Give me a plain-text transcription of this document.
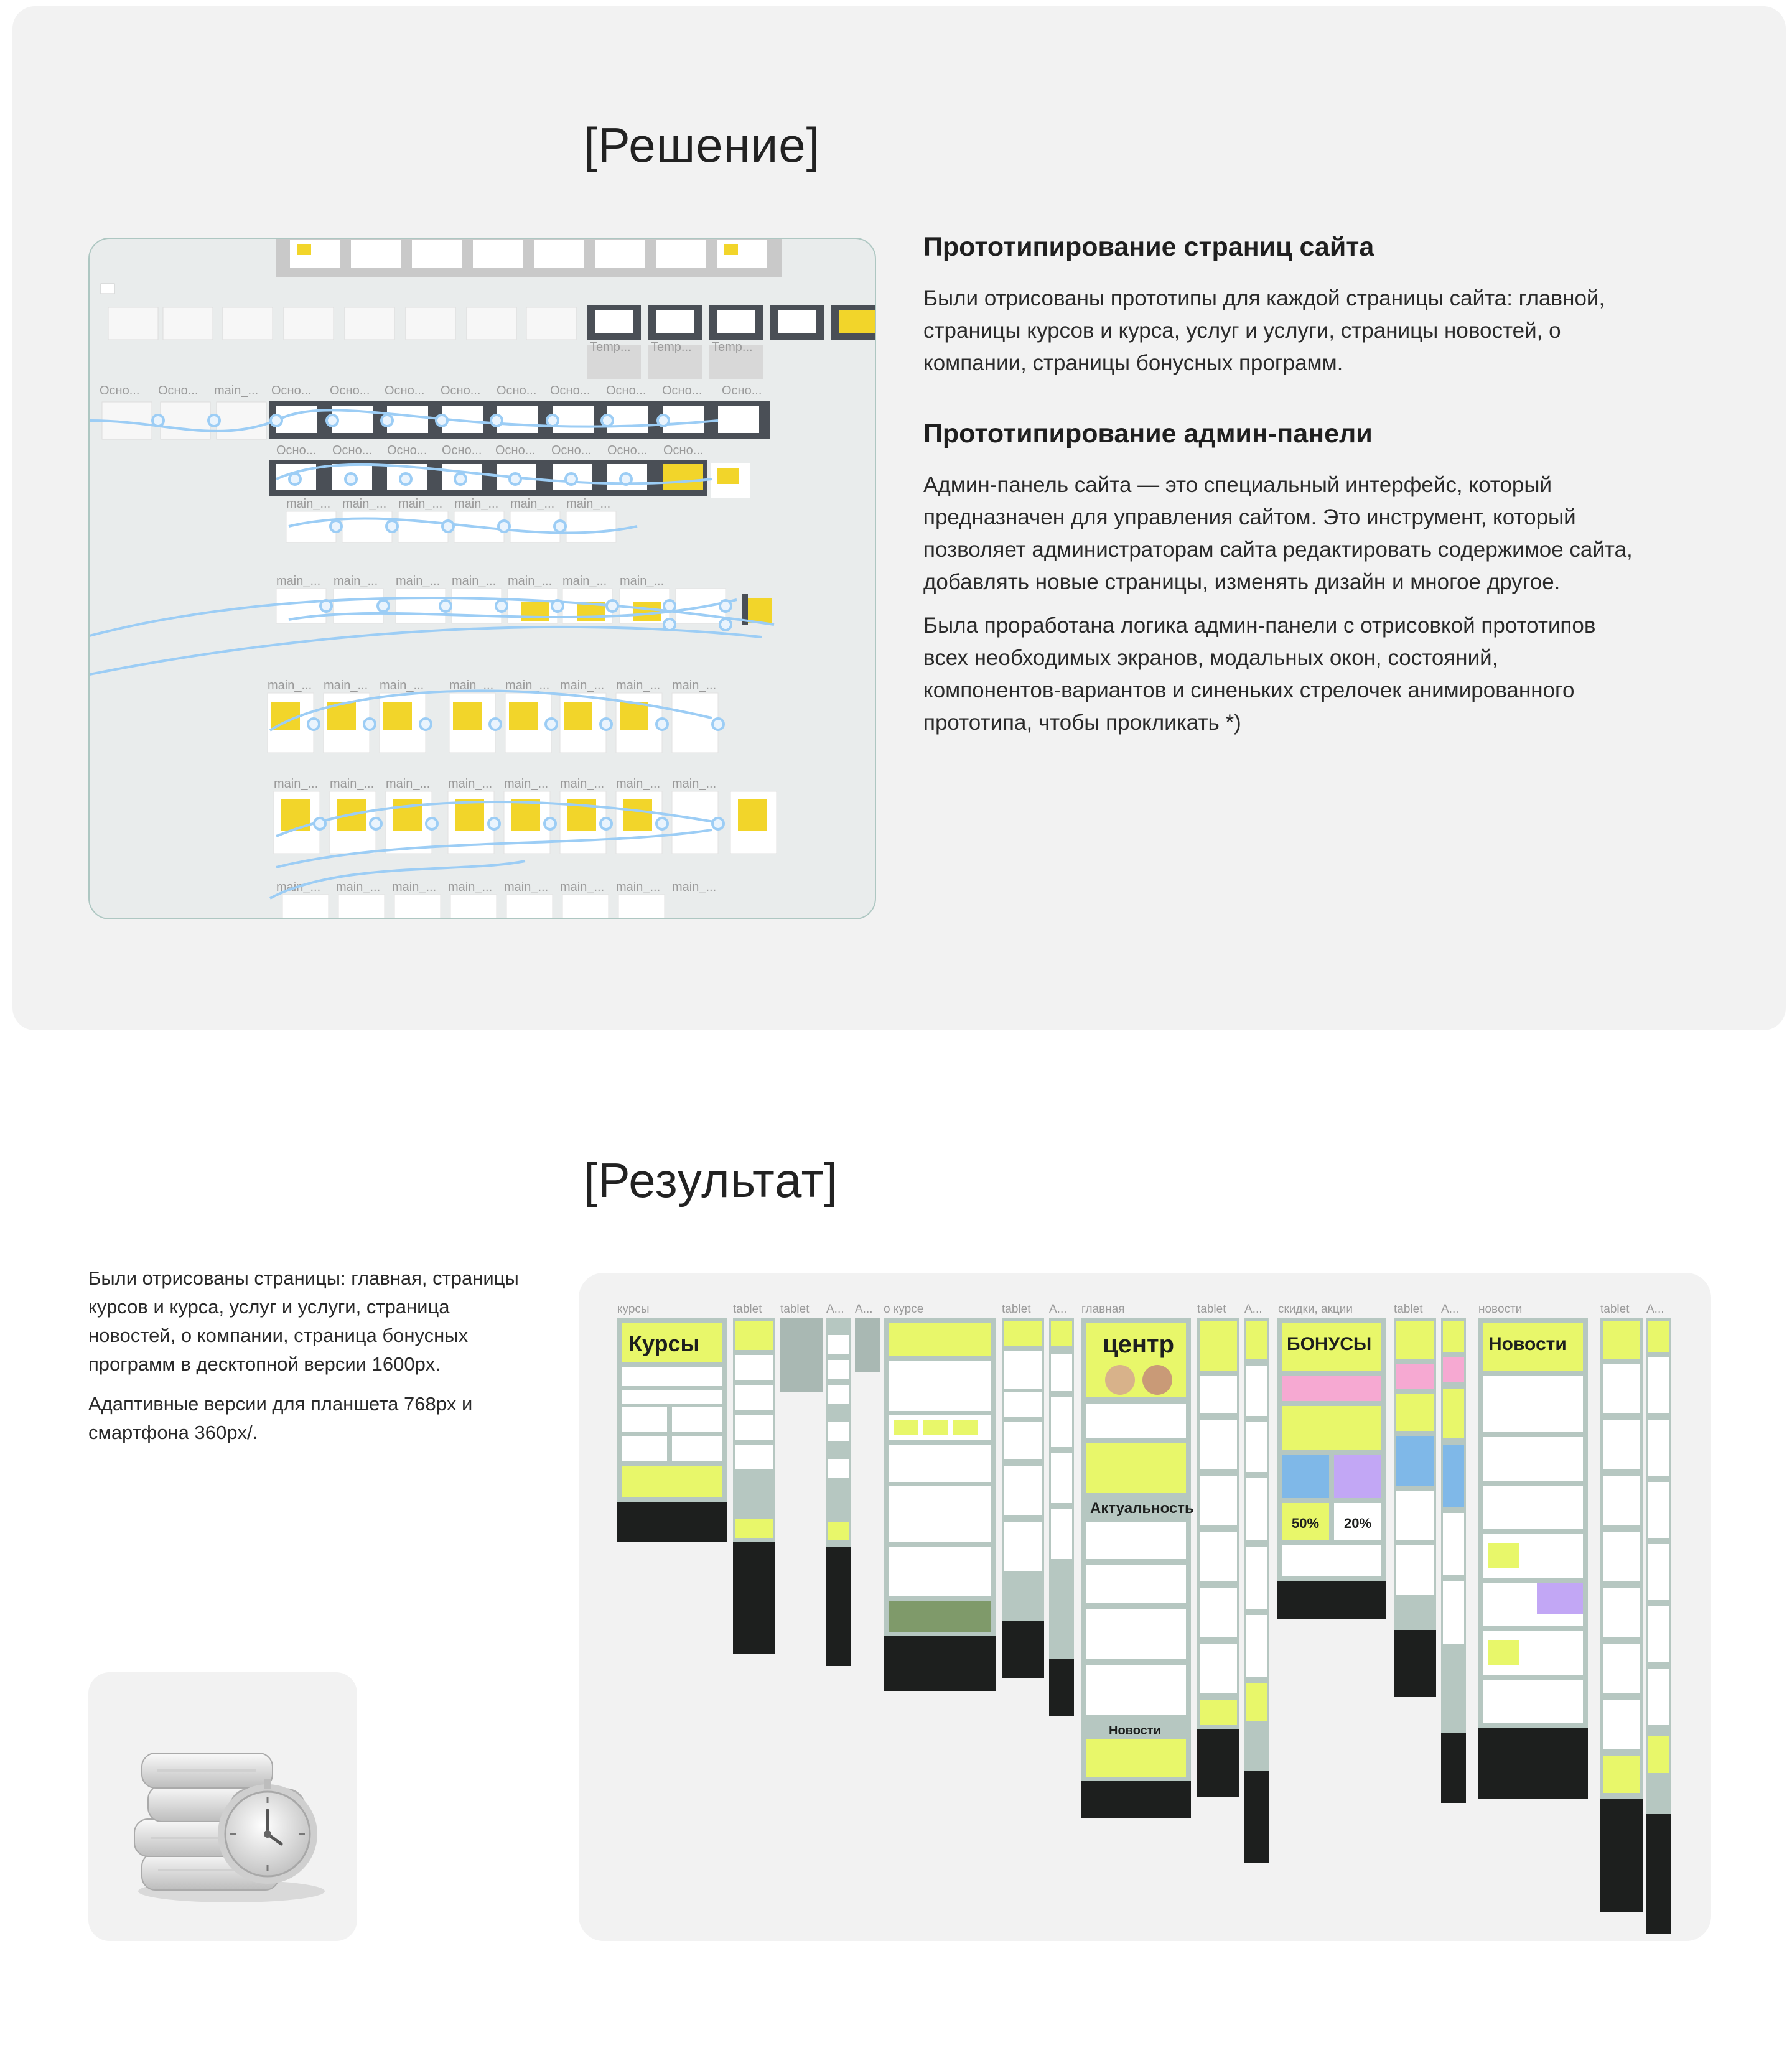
[Решение]
Temp... Temp... Temp...
Осно... Осно... main_... Осно... Осно... Осно... Осно... Осно... Осно... Осно... Осно... Осно...
Осно... Осно... Осно... Осно... Осно... Осно... Осно... Осно...
main_... main_... main_... main_... main_... main_...
main_... main_... main_... main_... main_... main_... main_...
main_... main_... main_... main_... main_... main_... main_... main_...
main_... main_... main_... main_... main_... main_... main_... main_...
main_... main_... main_... main_... main_... main_... main_... main_...
Прототипирование страниц сайта

Были отрисованы прототипы для каждой страницы сайта: главной, страницы курсов и курса, услуг и услуги, страницы новостей, о компании, страницы бонусных программ.

Прототипирование админ-панели

Админ-панель сайта — это специальный интерфейс, который предназначен для управления сайтом. Это инструмент, который позволяет администраторам сайта редактировать содержимое сайта, добавлять новые страницы, изменять дизайн и многое другое.

Была проработана логика админ-панели с отрисовкой прототипов всех необходимых экранов, модальных окон, состояний, компонентов-вариантов и синеньких стрелочек анимированного прототипа, чтобы прокликать *)

[Результат]

Были отрисованы страницы: главная, страницы курсов и курса, услуг и услуги, страница новостей, о компании, страница бонусных программ в десктопной версии 1600px.

Адаптивные версии для планшета 768px и смартфона 360px/.

курсы	tablet tablet A... A... о курсе	tablet A... главная	tablet A... скидки, акции	tablet A... новости	tablet A...
Курсы	центр
Актуальность
Новости
БОНУСЫ
50% 20%
Новости
